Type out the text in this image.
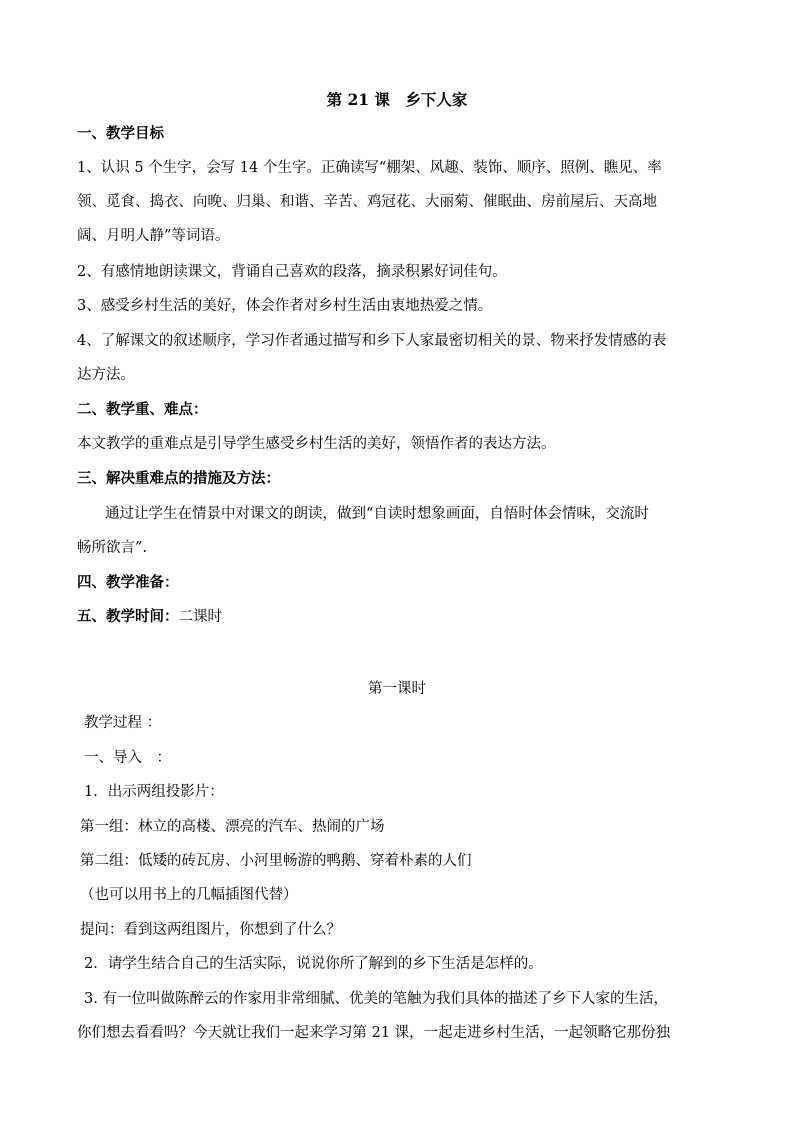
第 21 课　乡下人家
一、教学目标
1、认识 5 个生字，会写 14 个生字。正确读写“棚架、风趣、装饰、顺序、照例、瞧见、率
领、觅食、捣衣、向晚、归巢、和谐、辛苦、鸡冠花、大丽菊、催眠曲、房前屋后、天高地
阔、月明人静”等词语。
2、有感情地朗读课文，背诵自己喜欢的段落，摘录积累好词佳句。
3、感受乡村生活的美好，体会作者对乡村生活由衷地热爱之情。
4、了解课文的叙述顺序，学习作者通过描写和乡下人家最密切相关的景、物来抒发情感的表
达方法。
二、教学重、难点：
本文教学的重难点是引导学生感受乡村生活的美好，领悟作者的表达方法。
三、解决重难点的措施及方法：
通过让学生在情景中对课文的朗读，做到“自读时想象画面，自悟时体会情味，交流时
畅所欲言”.
四、教学准备：
五、教学时间：二课时
第一课时
教学过程 ：
一、导入　：
1．出示两组投影片：
第一组：林立的高楼、漂亮的汽车、热闹的广场
第二组：低矮的砖瓦房、小河里畅游的鸭鹅、穿着朴素的人们
（也可以用书上的几幅插图代替）
提问：看到这两组图片，你想到了什么？
2．请学生结合自己的生活实际，说说你所了解到的乡下生活是怎样的。
3. 有一位叫做陈醉云的作家用非常细腻、优美的笔触为我们具体的描述了乡下人家的生活，
你们想去看看吗？今天就让我们一起来学习第 21 课，一起走进乡村生活，一起领略它那份独
